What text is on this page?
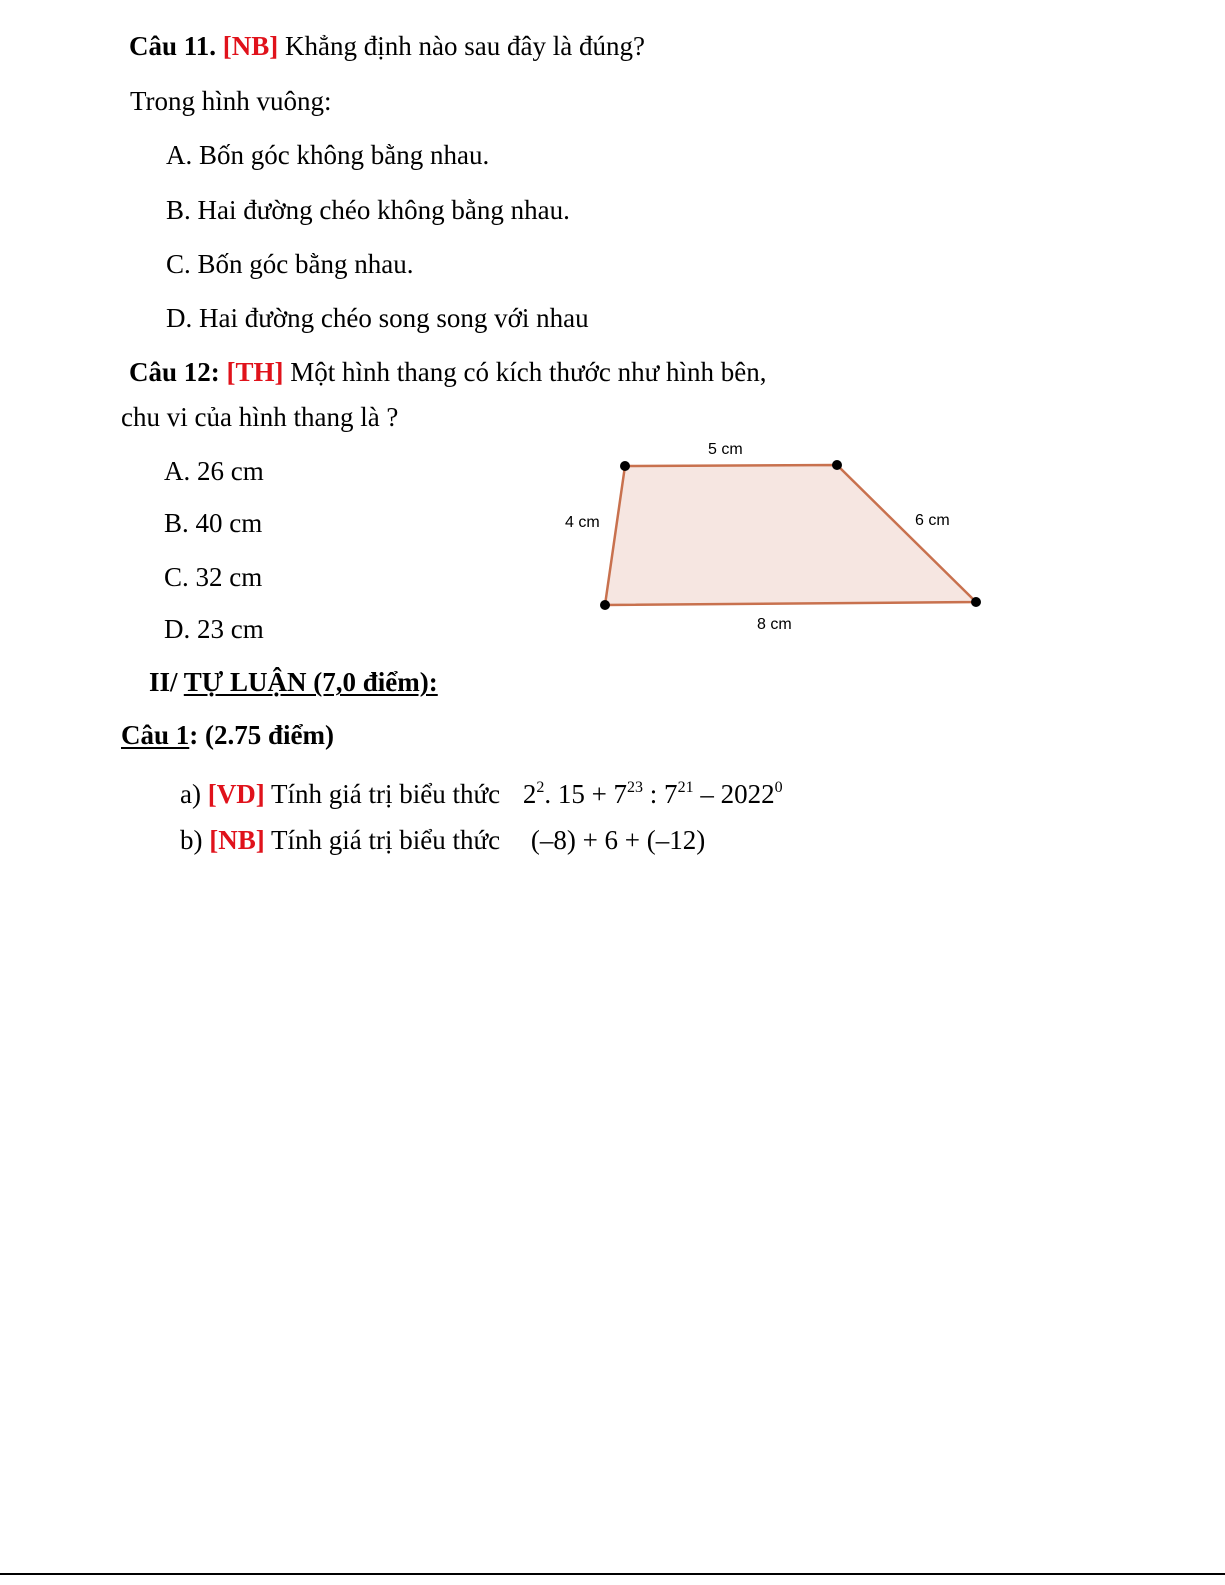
Câu 11. [NB] Khẳng định nào sau đây là đúng?
Trong hình vuông:
A. Bốn góc không bằng nhau.
B. Hai đường chéo không bằng nhau.
C. Bốn góc bằng nhau.
D. Hai đường chéo song song với nhau
Câu 12: [TH] Một hình thang có kích thước như hình bên,
chu vi của hình thang là ?
A. 26 cm
B. 40 cm
C. 32 cm
D. 23 cm
5 cm
4 cm	6 cm
8 cm
II/ TỰ LUẬN (7,0 điểm):
Câu 1: (2.75 điểm)
a) [VD] Tính giá trị biểu thức $2^2$. $15 + 7^{23}$ : $7^{21} - 2022^0$
b) [NB] Tính giá trị biểu thức (–8) + 6 + (–12)
